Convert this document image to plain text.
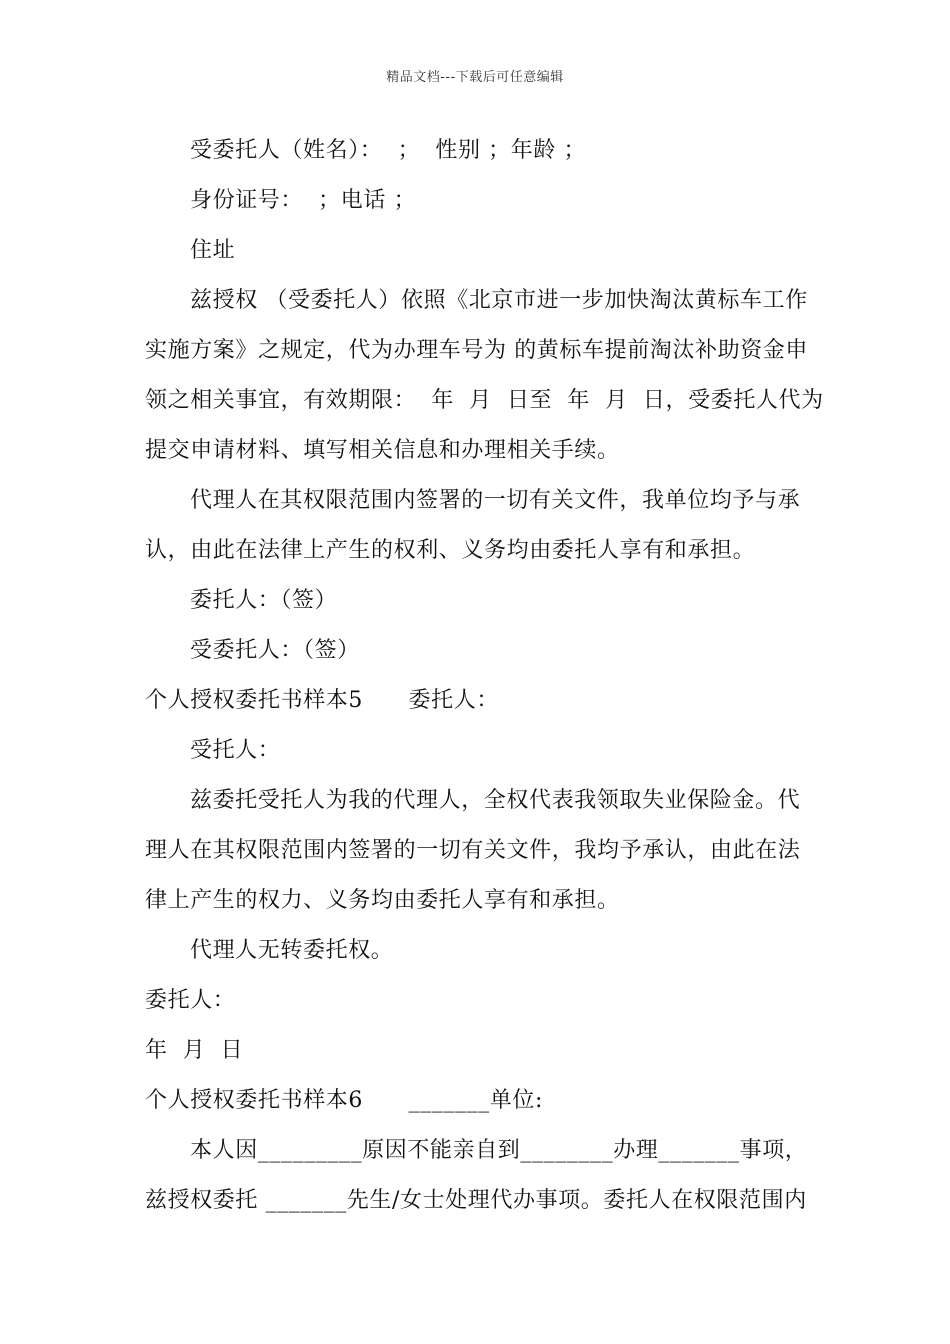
精品文档---下载后可任意编辑
受委托人（姓名）：  ；  性别 ；年龄 ；
身份证号：  ；电话 ；
住址
兹授权 （受委托人）依照《北京市进一步加快淘汰黄标车工作
实施方案》之规定，代为办理车号为 的黄标车提前淘汰补助资金申
领之相关事宜，有效期限：  年  月  日至  年  月  日，受委托人代为
提交申请材料、填写相关信息和办理相关手续。
代理人在其权限范围内签署的一切有关文件，我单位均予与承
认，由此在法律上产生的权利、义务均由委托人享有和承担。
委托人：（签）
受委托人：（签）
个人授权委托书样本5      委托人：
受托人：
兹委托受托人为我的代理人，全权代表我领取失业保险金。代
理人在其权限范围内签署的一切有关文件，我均予承认，由此在法
律上产生的权力、义务均由委托人享有和承担。
代理人无转委托权。
委托人：
年  月  日
个人授权委托书样本6      _______单位:
本人因_________原因不能亲自到________办理_______事项，
兹授权委托 _______先生/女士处理代办事项。委托人在权限范围内
